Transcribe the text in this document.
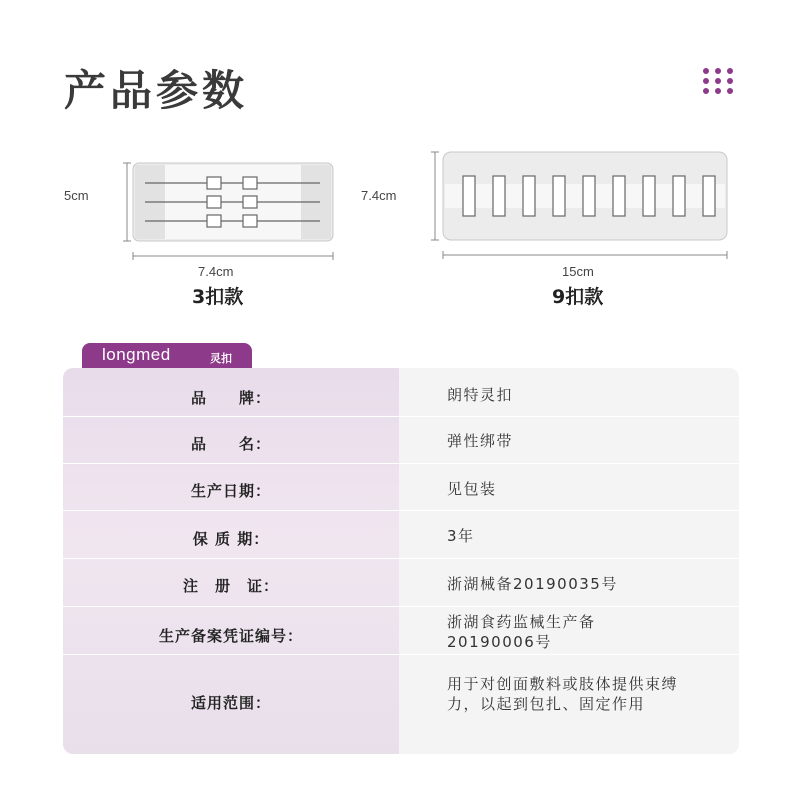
产品参数
5cm
7.4cm
3扣款
7.4cm
15cm
9扣款
longmed	灵扣
品　　牌：	朗特灵扣
品　　名：	弹性绑带
生产日期：	见包装
保 质 期：	3年
注　册　证：	浙湖械备20190035号
生产备案凭证编号：
浙湖食药监械生产备20190006号
适用范围：
用于对创面敷料或肢体提供束缚力，以起到包扎、固定作用
